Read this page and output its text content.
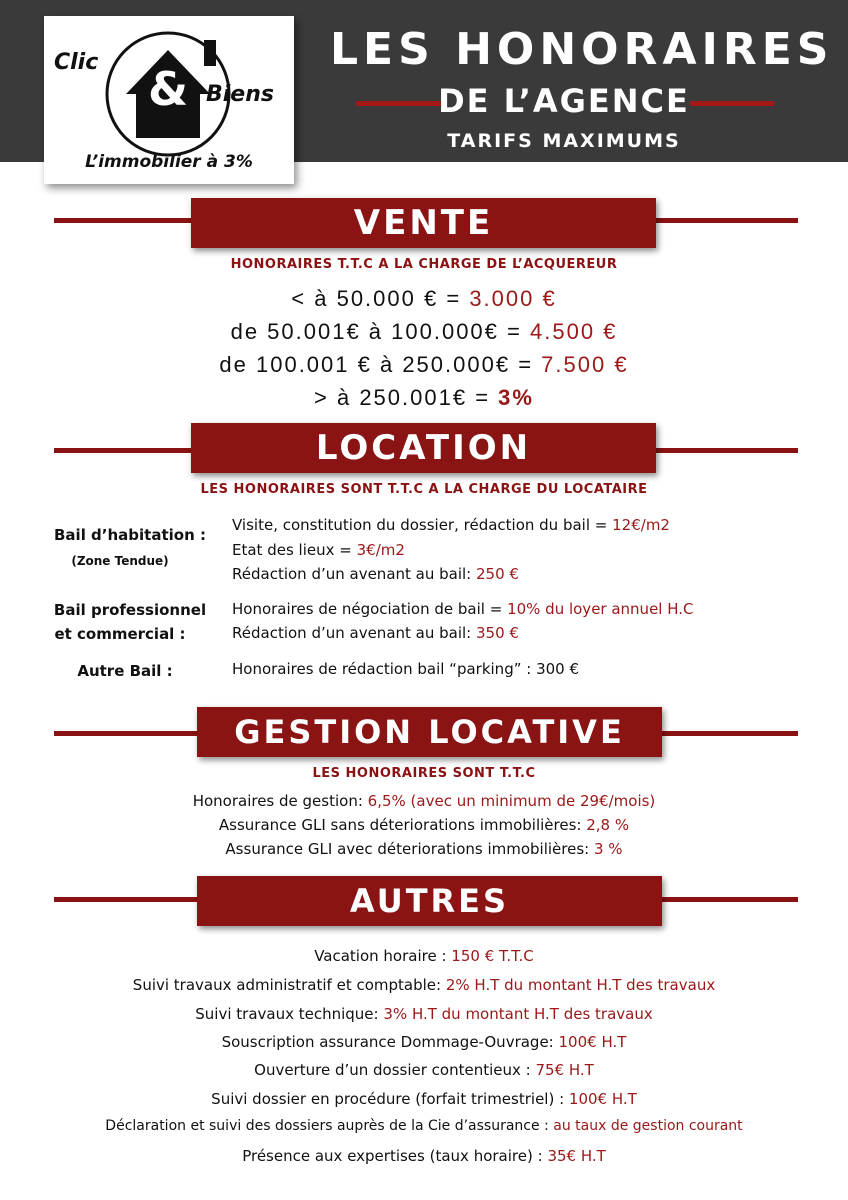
Clic & Biens
L’immobilier à 3%
LES HONORAIRES
DE L’AGENCE
TARIFS MAXIMUMS
VENTE
HONORAIRES T.T.C A LA CHARGE DE L’ACQUEREUR
< à 50.000 € = 3.000 €
de 50.001€ à 100.000€ = 4.500 €
de 100.001 € à 250.000€ = 7.500 €
> à 250.001€ = 3%
LOCATION
LES HONORAIRES SONT T.T.C A LA CHARGE DU LOCATAIRE
Bail d’habitation :
(Zone Tendue)
Visite, constitution du dossier, rédaction du bail = 12€/m2
Etat des lieux = 3€/m2
Rédaction d’un avenant au bail: 250 €
Bail professionnel
et commercial :
Honoraires de négociation de bail = 10% du loyer annuel H.C
Rédaction d’un avenant au bail: 350 €
Autre Bail :	Honoraires de rédaction bail “parking” : 300 €
GESTION LOCATIVE
LES HONORAIRES SONT T.T.C
Honoraires de gestion: 6,5% (avec un minimum de 29€/mois)
Assurance GLI sans déteriorations immobilières: 2,8 %
Assurance GLI avec déteriorations immobilières: 3 %
AUTRES
Vacation horaire : 150 € T.T.C
Suivi travaux administratif et comptable: 2% H.T du montant H.T des travaux
Suivi travaux technique: 3% H.T du montant H.T des travaux
Souscription assurance Dommage-Ouvrage: 100€ H.T
Ouverture d’un dossier contentieux : 75€ H.T
Suivi dossier en procédure (forfait trimestriel) : 100€ H.T
Déclaration et suivi des dossiers auprès de la Cie d’assurance : au taux de gestion courant
Présence aux expertises (taux horaire) : 35€ H.T
